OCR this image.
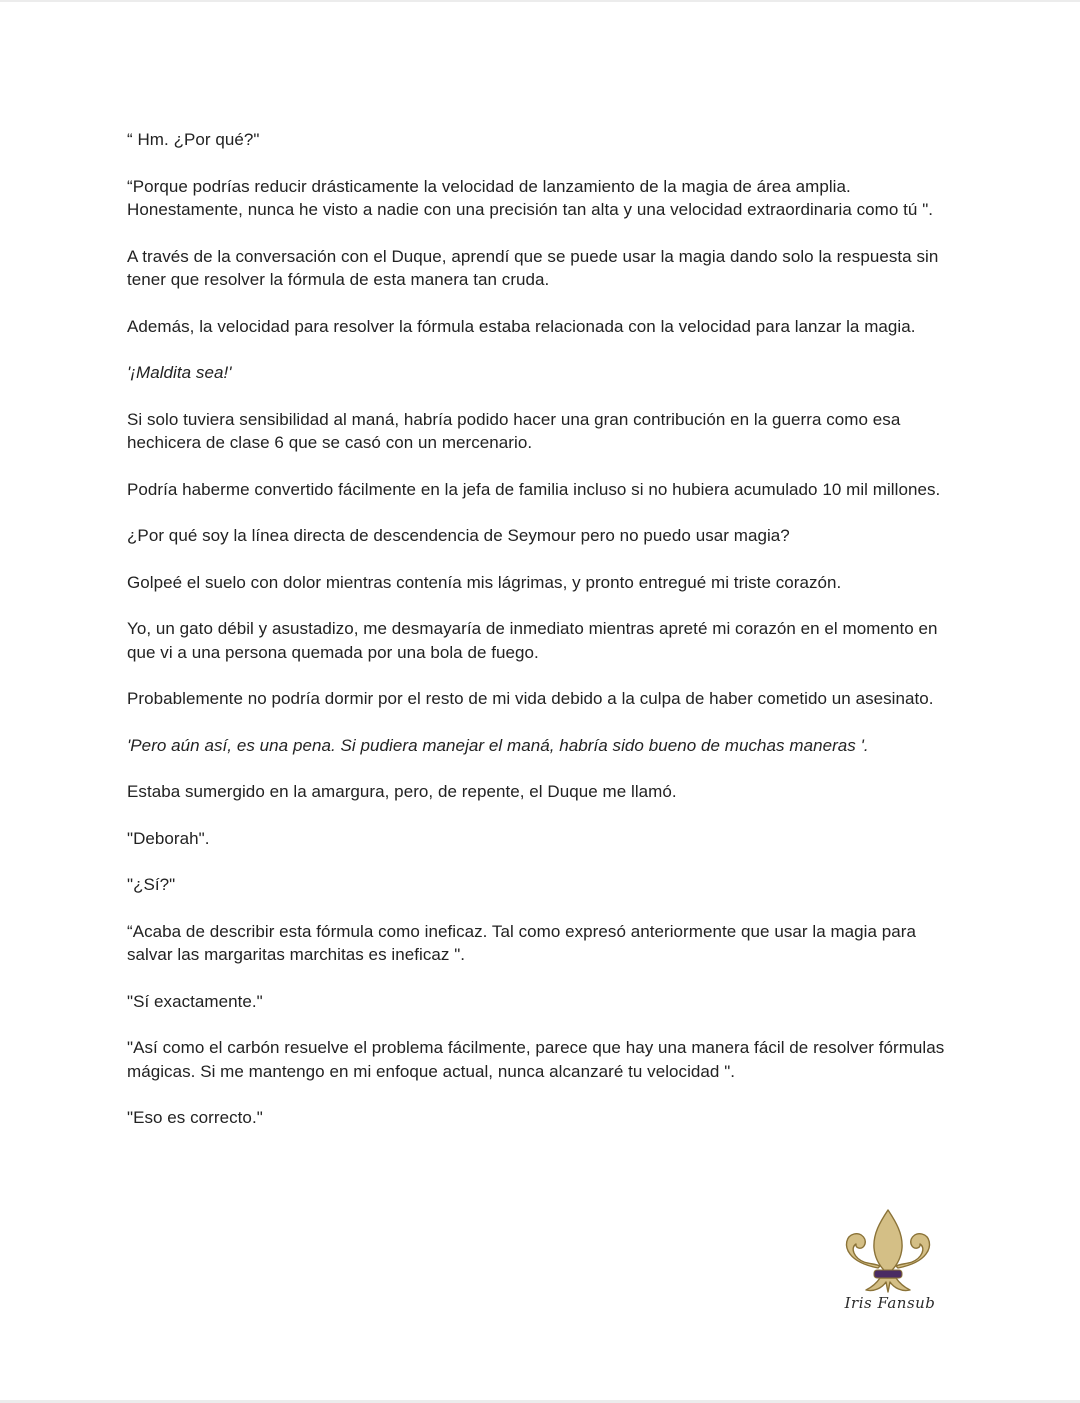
“ Hm. ¿Por qué?"

“Porque podrías reducir drásticamente la velocidad de lanzamiento de la magia de área amplia. Honestamente, nunca he visto a nadie con una precisión tan alta y una velocidad extraordinaria como tú ".

A través de la conversación con el Duque, aprendí que se puede usar la magia dando solo la respuesta sin tener que resolver la fórmula de esta manera tan cruda.

Además, la velocidad para resolver la fórmula estaba relacionada con la velocidad para lanzar la magia.

'¡Maldita sea!'

Si solo tuviera sensibilidad al maná, habría podido hacer una gran contribución en la guerra como esa hechicera de clase 6 que se casó con un mercenario.

Podría haberme convertido fácilmente en la jefa de familia incluso si no hubiera acumulado 10 mil millones.

¿Por qué soy la línea directa de descendencia de Seymour pero no puedo usar magia?

Golpeé el suelo con dolor mientras contenía mis lágrimas, y pronto entregué mi triste corazón.

Yo, un gato débil y asustadizo, me desmayaría de inmediato mientras apreté mi corazón en el momento en que vi a una persona quemada por una bola de fuego.

Probablemente no podría dormir por el resto de mi vida debido a la culpa de haber cometido un asesinato.

'Pero aún así, es una pena. Si pudiera manejar el maná, habría sido bueno de muchas maneras '.

Estaba sumergido en la amargura, pero, de repente, el Duque me llamó.

"Deborah".

"¿Sí?"

“Acaba de describir esta fórmula como ineficaz. Tal como expresó anteriormente que usar la magia para salvar las margaritas marchitas es ineficaz ".

"Sí exactamente."

"Así como el carbón resuelve el problema fácilmente, parece que hay una manera fácil de resolver fórmulas mágicas. Si me mantengo en mi enfoque actual, nunca alcanzaré tu velocidad ".

"Eso es correcto."

Iris Fansub
